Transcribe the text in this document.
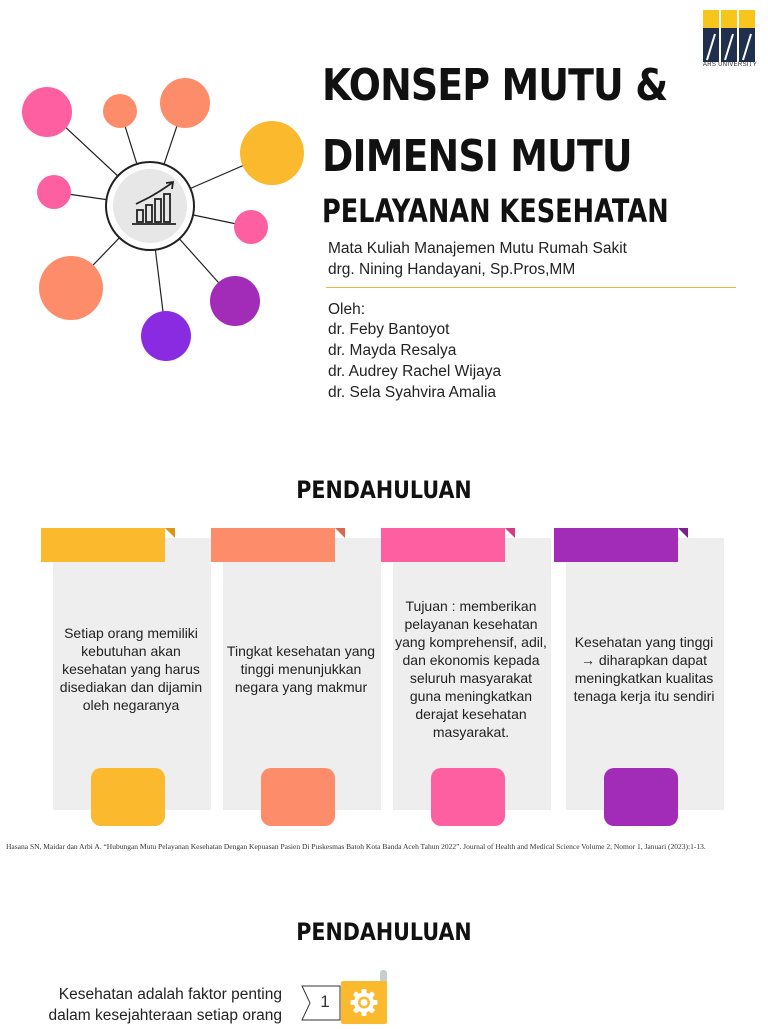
ARS UNIVERSITY
KONSEP MUTU &
DIMENSI MUTU
PELAYANAN KESEHATAN
Mata Kuliah Manajemen Mutu Rumah Sakit
drg. Nining Handayani, Sp.Pros,MM
Oleh:
dr. Feby Bantoyot
dr. Mayda Resalya
dr. Audrey Rachel Wijaya
dr. Sela Syahvira Amalia
PENDAHULUAN
Setiap orang memiliki kebutuhan akan kesehatan yang harus disediakan dan dijamin oleh negaranya
Tingkat kesehatan yang tinggi menunjukkan negara yang makmur
Tujuan : memberikan pelayanan kesehatan yang komprehensif, adil, dan ekonomis kepada seluruh masyarakat guna meningkatkan derajat kesehatan masyarakat.
Kesehatan yang tinggi → diharapkan dapat meningkatkan kualitas tenaga kerja itu sendiri
Hasana SN, Maidar dan Arbi A. “Hubungan Mutu Pelayanan Kesehatan Dengan Kepuasan Pasien Di Puskesmas Batoh Kota Banda Aceh Tahun 2022”. Journal of Health and Medical Science Volume 2, Nomor 1, Januari (2023):1-13.
PENDAHULUAN
Kesehatan adalah faktor penting
dalam kesejahteraan setiap orang
1
